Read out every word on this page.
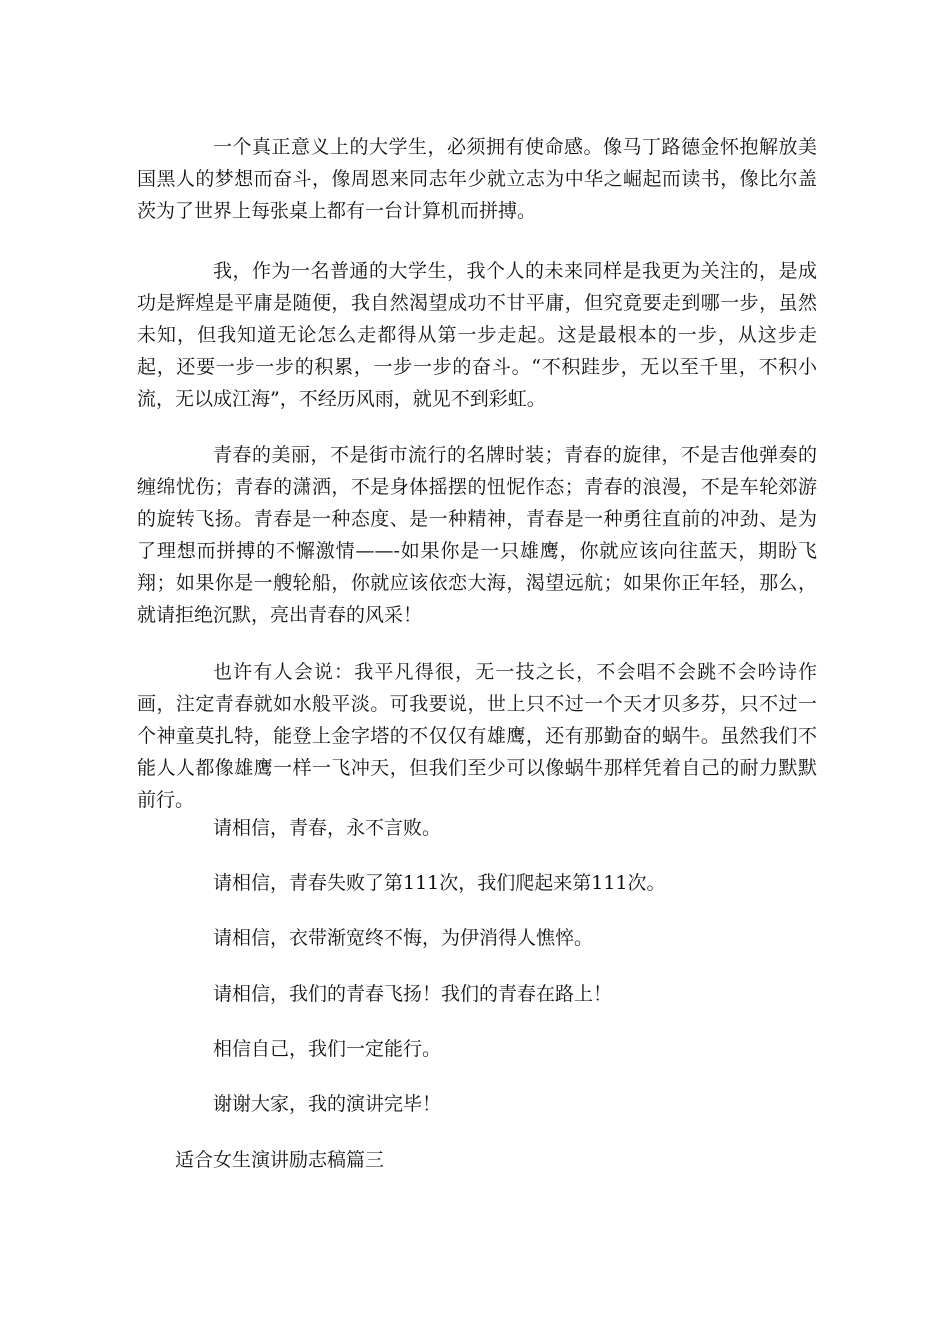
一个真正意义上的大学生，必须拥有使命感。像马丁路德金怀抱解放美国黑人的梦想而奋斗，像周恩来同志年少就立志为中华之崛起而读书，像比尔盖茨为了世界上每张桌上都有一台计算机而拼搏。

我，作为一名普通的大学生，我个人的未来同样是我更为关注的，是成功是辉煌是平庸是随便，我自然渴望成功不甘平庸，但究竟要走到哪一步，虽然未知，但我知道无论怎么走都得从第一步走起。这是最根本的一步，从这步走起，还要一步一步的积累，一步一步的奋斗。“不积跬步，无以至千里，不积小流，无以成江海”，不经历风雨，就见不到彩虹。

青春的美丽，不是街市流行的名牌时装；青春的旋律，不是吉他弹奏的缠绵忧伤；青春的潇洒，不是身体摇摆的忸怩作态；青春的浪漫，不是车轮郊游的旋转飞扬。青春是一种态度、是一种精神，青春是一种勇往直前的冲劲、是为了理想而拼搏的不懈激情——-如果你是一只雄鹰，你就应该向往蓝天，期盼飞翔；如果你是一艘轮船，你就应该依恋大海，渴望远航；如果你正年轻，那么，就请拒绝沉默，亮出青春的风采！

也许有人会说：我平凡得很，无一技之长，不会唱不会跳不会吟诗作画，注定青春就如水般平淡。可我要说，世上只不过一个天才贝多芬，只不过一个神童莫扎特，能登上金字塔的不仅仅有雄鹰，还有那勤奋的蜗牛。虽然我们不能人人都像雄鹰一样一飞冲天，但我们至少可以像蜗牛那样凭着自己的耐力默默前行。

请相信，青春，永不言败。

请相信，青春失败了第111次，我们爬起来第111次。

请相信，衣带渐宽终不悔，为伊消得人憔悴。

请相信，我们的青春飞扬！我们的青春在路上！

相信自己，我们一定能行。

谢谢大家，我的演讲完毕！

适合女生演讲励志稿篇三
